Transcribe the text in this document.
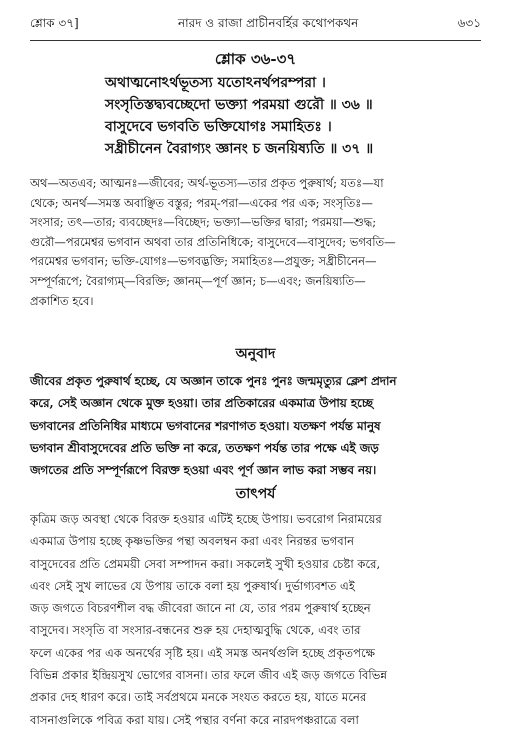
শ্লোক ৩৭]	নারদ ও রাজা প্রাচীনবর্হির কথোপকথন	৬৩১
শ্লোক ৩৬-৩৭
অথাত্মনোঽর্থভূতস্য যতোঽনর্থপরম্পরা ।
সংসৃতিস্তদ্ব্যবচ্ছেদো ভক্ত্যা পরময়া গুরৌ ॥ ৩৬ ॥
বাসুদেবে ভগবতি ভক্তিযোগঃ সমাহিতঃ ।
সধ্রীচীনেন বৈরাগ্যং জ্ঞানং চ জনয়িষ্যতি ॥ ৩৭ ॥
অথ—অতএব; আত্মনঃ—জীবের; অর্থ-ভূতস্য—তার প্রকৃত পুরুষার্থ; যতঃ—যা
থেকে; অনর্থ—সমস্ত অবাঞ্ছিত বস্তুর; পরম্-পরা—একের পর এক; সংসৃতিঃ—
সংসার; তৎ—তার; ব্যবচ্ছেদঃ—বিচ্ছেদ; ভক্ত্যা—ভক্তির দ্বারা; পরময়া—শুদ্ধ;
গুরৌ—পরমেশ্বর ভগবান অথবা তার প্রতিনিধিকে; বাসুদেবে—বাসুদেব; ভগবতি—
পরমেশ্বর ভগবান; ভক্তি-যোগঃ—ভগবদ্ভক্তি; সমাহিতঃ—প্রযুক্ত; সধ্রীচীনেন—
সম্পূর্ণরূপে; বৈরাগ্যম্—বিরক্তি; জ্ঞানম্—পূর্ণ জ্ঞান; চ—এবং; জনয়িষ্যতি—
প্রকাশিত হবে।
অনুবাদ
জীবের প্রকৃত পুরুষার্থ হচ্ছে, যে অজ্ঞান তাকে পুনঃ পুনঃ জন্মমৃত্যুর ক্লেশ প্রদান
করে, সেই অজ্ঞান থেকে মুক্ত হওয়া। তার প্রতিকারের একমাত্র উপায় হচ্ছে
ভগবানের প্রতিনিধির মাধ্যমে ভগবানের শরণাগত হওয়া। যতক্ষণ পর্যন্ত মানুষ
ভগবান শ্রীবাসুদেবের প্রতি ভক্তি না করে, ততক্ষণ পর্যন্ত তার পক্ষে এই জড়
জগতের প্রতি সম্পূর্ণরূপে বিরক্ত হওয়া এবং পূর্ণ জ্ঞান লাভ করা সম্ভব নয়।
তাৎপর্য
কৃত্রিম জড় অবস্থা থেকে বিরক্ত হওয়ার এটিই হচ্ছে উপায়। ভবরোগ নিরাময়ের
একমাত্র উপায় হচ্ছে কৃষ্ণভক্তির পন্থা অবলম্বন করা এবং নিরন্তর ভগবান
বাসুদেবের প্রতি প্রেমময়ী সেবা সম্পাদন করা। সকলেই সুখী হওয়ার চেষ্টা করে,
এবং সেই সুখ লাভের যে উপায় তাকে বলা হয় পুরুষার্থ। দুর্ভাগ্যবশত এই
জড় জগতে বিচরণশীল বদ্ধ জীবেরা জানে না যে, তার পরম পুরুষার্থ হচ্ছেন
বাসুদেব। সংসৃতি বা সংসার-বন্ধনের শুরু হয় দেহাত্মবুদ্ধি থেকে, এবং তার
ফলে একের পর এক অনর্থের সৃষ্টি হয়। এই সমস্ত অনর্থগুলি হচ্ছে প্রকৃতপক্ষে
বিভিন্ন প্রকার ইন্দ্রিয়সুখ ভোগের বাসনা। তার ফলে জীব এই জড় জগতে বিভিন্ন
প্রকার দেহ ধারণ করে। তাই সর্বপ্রথমে মনকে সংযত করতে হয়, যাতে মনের
বাসনাগুলিকে পবিত্র করা যায়। সেই পন্থার বর্ণনা করে নারদপঞ্চরাত্রে বলা
